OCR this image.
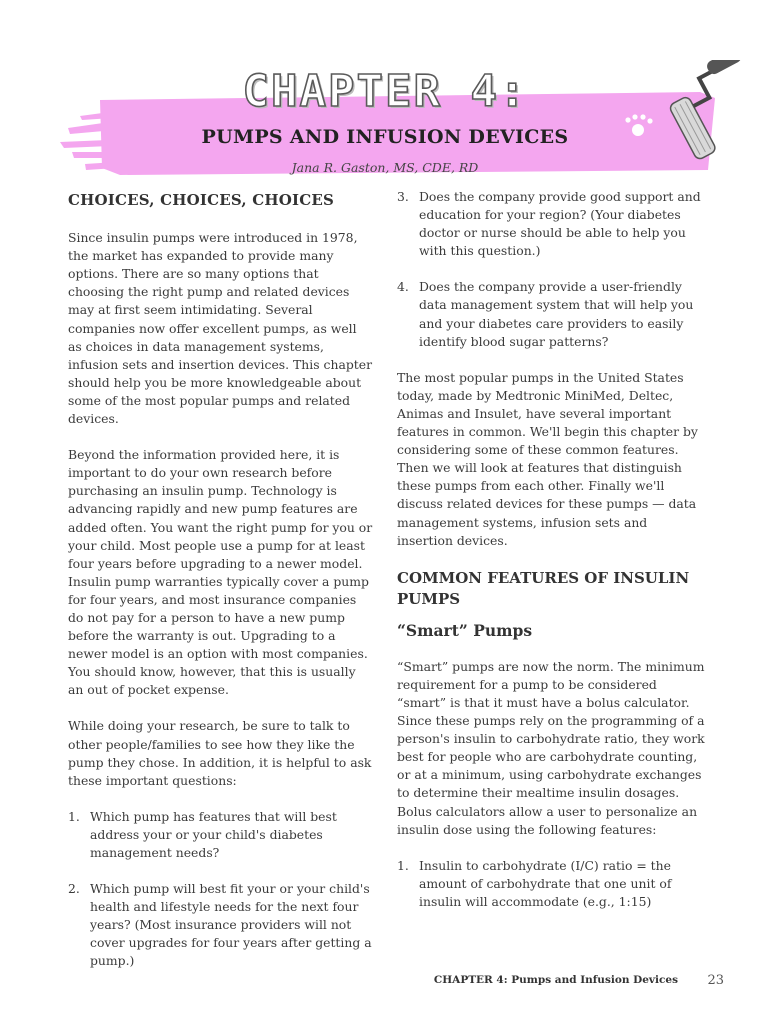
CHAPTER 4:
PUMPS AND INFUSION DEVICES
Jana R. Gaston, MS, CDE, RD
CHOICES, CHOICES, CHOICES

Since insulin pumps were introduced in 1978, the market has expanded to provide many options. There are so many options that choosing the right pump and related devices may at first seem intimidating. Several companies now offer excellent pumps, as well as choices in data management systems, infusion sets and insertion devices. This chapter should help you be more knowledgeable about some of the most popular pumps and related devices.

Beyond the information provided here, it is important to do your own research before purchasing an insulin pump. Technology is advancing rapidly and new pump features are added often. You want the right pump for you or your child. Most people use a pump for at least four years before upgrading to a newer model. Insulin pump warranties typically cover a pump for four years, and most insurance companies do not pay for a person to have a new pump before the warranty is out. Upgrading to a newer model is an option with most companies. You should know, however, that this is usually an out of pocket expense.

While doing your research, be sure to talk to other people/families to see how they like the pump they chose. In addition, it is helpful to ask these important questions:

1. Which pump has features that will best address your or your child's diabetes management needs?
2. Which pump will best fit your or your child's health and lifestyle needs for the next four years? (Most insurance providers will not cover upgrades for four years after getting a pump.)
3. Does the company provide good support and education for your region? (Your diabetes doctor or nurse should be able to help you with this question.)
4. Does the company provide a user-friendly data management system that will help you and your diabetes care providers to easily identify blood sugar patterns?

The most popular pumps in the United States today, made by Medtronic MiniMed, Deltec, Animas and Insulet, have several important features in common. We'll begin this chapter by considering some of these common features. Then we will look at features that distinguish these pumps from each other. Finally we'll discuss related devices for these pumps — data management systems, infusion sets and insertion devices.

COMMON FEATURES OF INSULIN PUMPS
“Smart” Pumps

“Smart” pumps are now the norm. The minimum requirement for a pump to be considered “smart” is that it must have a bolus calculator. Since these pumps rely on the programming of a person's insulin to carbohydrate ratio, they work best for people who are carbohydrate counting, or at a minimum, using carbohydrate exchanges to determine their mealtime insulin dosages. Bolus calculators allow a user to personalize an insulin dose using the following features:

1. Insulin to carbohydrate (I/C) ratio = the amount of carbohydrate that one unit of insulin will accommodate (e.g., 1:15)
CHAPTER 4: Pumps and Infusion Devices 23
